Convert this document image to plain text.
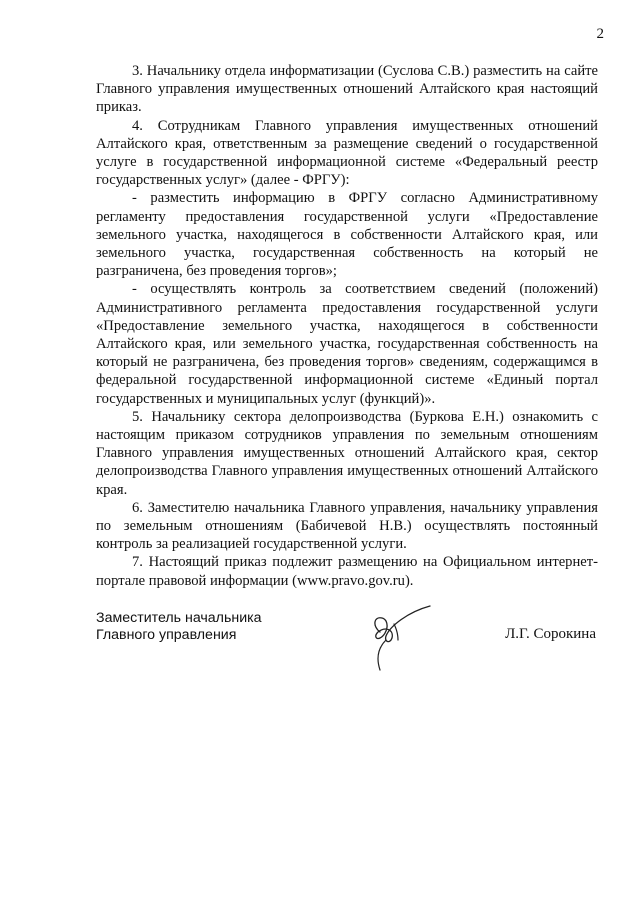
2

3. Начальнику отдела информатизации (Суслова С.В.) разместить на сайте Главного управления имущественных отношений Алтайского края настоящий приказ.

4. Сотрудникам Главного управления имущественных отношений Алтайского края, ответственным за размещение сведений о государственной услуге в государственной информационной системе «Федеральный реестр государственных услуг» (далее - ФРГУ):

- разместить информацию в ФРГУ согласно Административному регламенту предоставления государственной услуги «Предоставление земельного участка, находящегося в собственности Алтайского края, или земельного участка, государственная собственность на который не разграничена, без проведения торгов»;

- осуществлять контроль за соответствием сведений (положений) Административного регламента предоставления государственной услуги «Предоставление земельного участка, находящегося в собственности Алтайского края, или земельного участка, государственная собственность на который не разграничена, без проведения торгов» сведениям, содержащимся в федеральной государственной информационной системе «Единый портал государственных и муниципальных услуг (функций)».

5. Начальнику сектора делопроизводства (Буркова Е.Н.) ознакомить с настоящим приказом сотрудников управления по земельным отношениям Главного управления имущественных отношений Алтайского края, сектор делопроизводства Главного управления имущественных отношений Алтайского края.

6. Заместителю начальника Главного управления, начальнику управления по земельным отношениям (Бабичевой Н.В.) осуществлять постоянный контроль за реализацией государственной услуги.

7. Настоящий приказ подлежит размещению на Официальном интернет-портале правовой информации (www.pravo.gov.ru).

Заместитель начальника
Главного управления	Л.Г. Сорокина
